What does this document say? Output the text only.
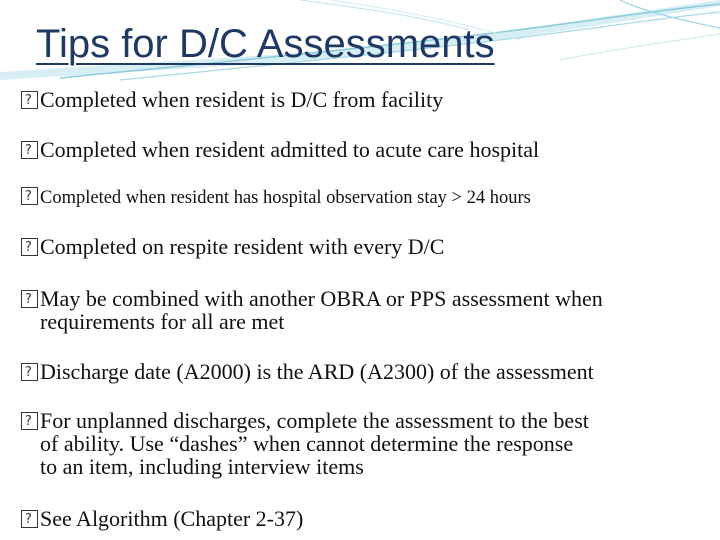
Tips for D/C Assessments
?Completed when resident is D/C from facility
?Completed when resident admitted to acute care hospital
?Completed when resident has hospital observation stay > 24 hours
?Completed on respite resident with every D/C
?May be combined with another OBRA or PPS assessment when
requirements for all are met
?Discharge date (A2000) is the ARD (A2300) of the assessment
?For unplanned discharges, complete the assessment to the best
of ability. Use “dashes” when cannot determine the response
to an item, including interview items
?See Algorithm (Chapter 2-37)
